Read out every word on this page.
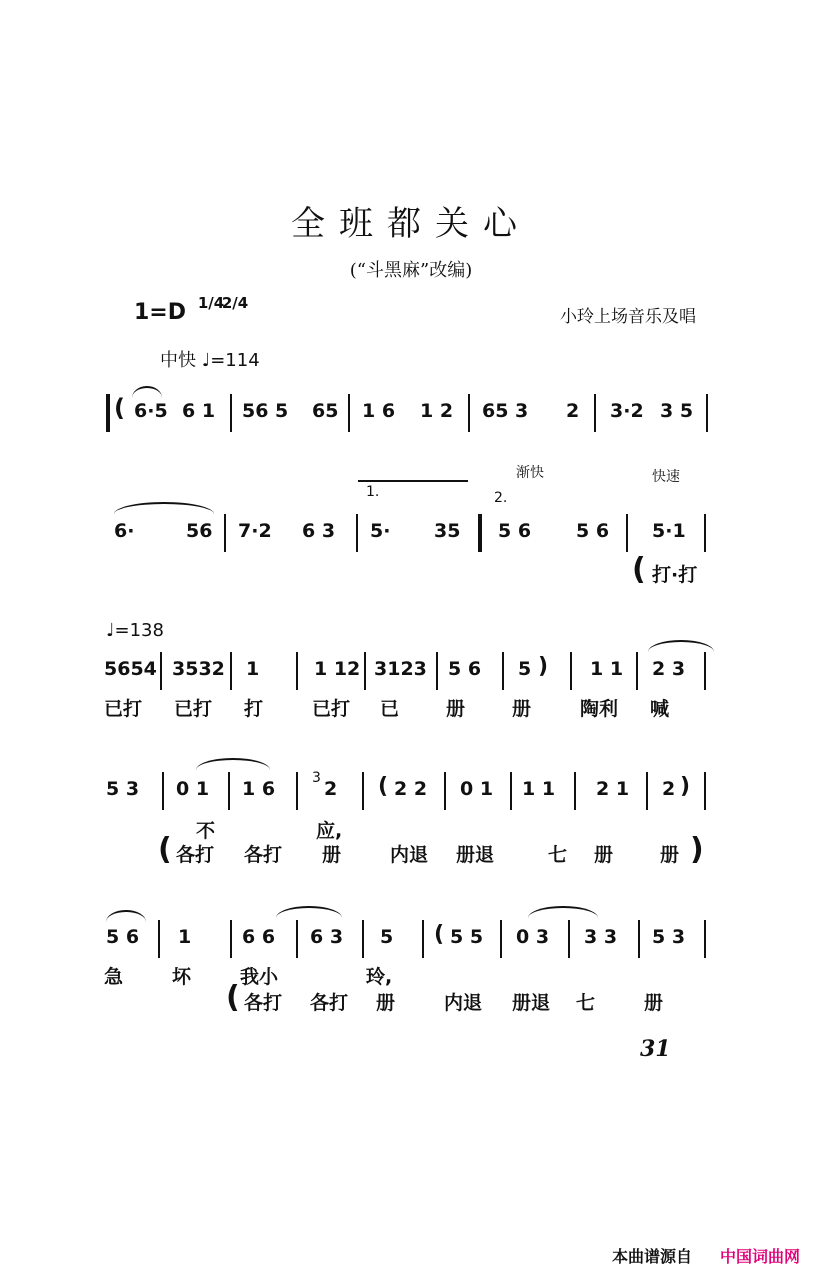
全班都关心
(“斗黑麻”改编)
1=D 1/4
2/4
小玲上场音乐及唱
中快 ♩=114
( 6·5 6 1 56 5 65 1 6 1 2 65 3 2 3·2 3 5
渐快	快速
1.	2.
6·	56 7·2 6 3 5· 35 5 6 5 6 5·1
( 打·打
♩=138
5654 3532 1	1 12 3123 5 6 5 ) 1 1 2 3
已打 已打 打	已打 已 册 册	陶利 喊
5 3 0 1 1 6	3 2 ( 2 2 0 1 1 1 2 1 2 )
不	应,
( 各打 各打 册	内退 册退	七 册 册 )
5 6 1	6 6 6 3 5 ( 5 5 0 3 3 3 5 3
急	坏	我小	玲,
( 各打 各打 册	内退 册退 七	册
31
本曲谱源自 中国词曲网
